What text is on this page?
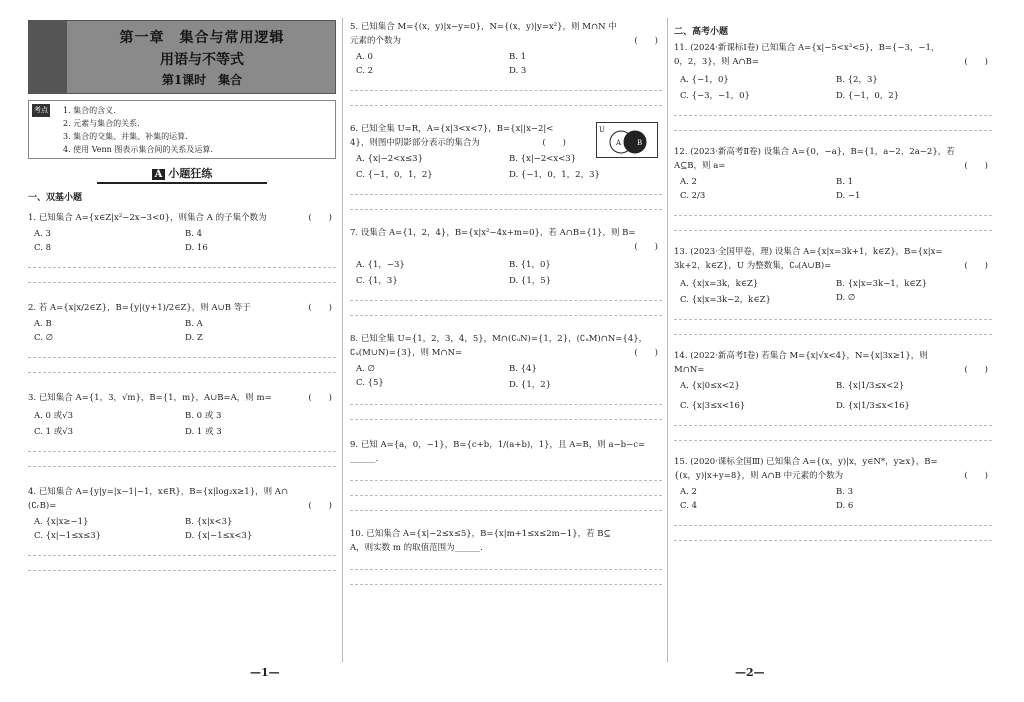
第一章　集合与常用逻辑
用语与不等式
第1课时　集合
考点	1. 集合的含义.
2. 元素与集合的关系.
3. 集合的交集、并集、补集的运算.
4. 使用 Venn 图表示集合间的关系及运算.
A 小题狂练
一、双基小题
1. 已知集合 A={x∈Z|x²−2x−3<0}，则集合 A 的子集个数为	(　　)
A. 3	B. 4
C. 8	D. 16
2. 若 A={x|x/2∈Z}，B={y|(y+1)/2∈Z}，则 A∪B 等于	(　　)
A. B	B. A
C. ∅	D. Z
3. 已知集合 A={1，3，√m}，B={1，m}，A∪B=A，则 m=	(　　)
A. 0 或√3	B. 0 或 3
C. 1 或√3	D. 1 或 3
4. 已知集合 A={y|y=|x−1|−1，x∈R}，B={x|log₂x≥1}，则 A∩
(∁ᵣB)=	(　　)
A. {x|x≥−1}	B. {x|x<3}
C. {x|−1≤x≤3}	D. {x|−1≤x<3}
—1—
5. 已知集合 M={(x，y)|x−y=0}，N={(x，y)|y=x²}，则 M∩N 中
元素的个数为
A. 0	B. 1
C. 2	D. 3
(　　)
6. 已知全集 U=R，A={x|3<x<7}，B={x||x−2|<
4}，则图中阴影部分表示的集合为	(　　)
U
A B
A. {x|−2<x≤3}	B. {x|−2<x<3}
C. {−1，0，1，2}	D. {−1，0，1，2，3}
7. 设集合 A={1，2，4}，B={x|x²−4x+m=0}，若 A∩B={1}，则 B=
(　　)
A. {1，−3}	B. {1，0}
C. {1，3}	D. {1，5}
8. 已知全集 U={1，2，3，4，5}，M∩(∁ᵤN)={1，2}，(∁ᵤM)∩N={4}，
∁ᵤ(M∪N)={3}，则 M∩N=	(　　)
A. ∅	B. {4}
C. {5}	D. {1，2}
9. 已知 A={a，0，−1}，B={c+b，1/(a+b)，1}，且 A=B，则 a−b−c=
______.
10. 已知集合 A={x|−2≤x≤5}，B={x|m+1≤x≤2m−1}，若 B⊆
A，则实数 m 的取值范围为______.
二、高考小题
11. (2024·新课标Ⅰ卷) 已知集合 A={x|−5<x³<5}，B={−3，−1，
0，2，3}，则 A∩B=	(　　)
A. {−1，0}	B. {2，3}
C. {−3，−1，0}	D. {−1，0，2}
12. (2023·新高考Ⅱ卷) 设集合 A={0，−a}，B={1，a−2，2a−2}，若
A⊆B，则 a=	(　　)
A. 2	B. 1
C. 2/3	D. −1
13. (2023·全国甲卷，理) 设集合 A={x|x=3k+1，k∈Z}，B={x|x=
3k+2，k∈Z}，U 为整数集，∁ᵤ(A∪B)=	(　　)
A. {x|x=3k，k∈Z}	B. {x|x=3k−1，k∈Z}
C. {x|x=3k−2，k∈Z}	D. ∅
14. (2022·新高考Ⅰ卷) 若集合 M={x|√x<4}，N={x|3x≥1}，则
M∩N=	(　　)
A. {x|0≤x<2}	B. {x|1/3≤x<2}
C. {x|3≤x<16}	D. {x|1/3≤x<16}
15. (2020·课标全国Ⅲ) 已知集合 A={(x，y)|x，y∈N*，y≥x}，B=
{(x，y)|x+y=8}，则 A∩B 中元素的个数为	(　　)
A. 2	B. 3
C. 4	D. 6
—2—
